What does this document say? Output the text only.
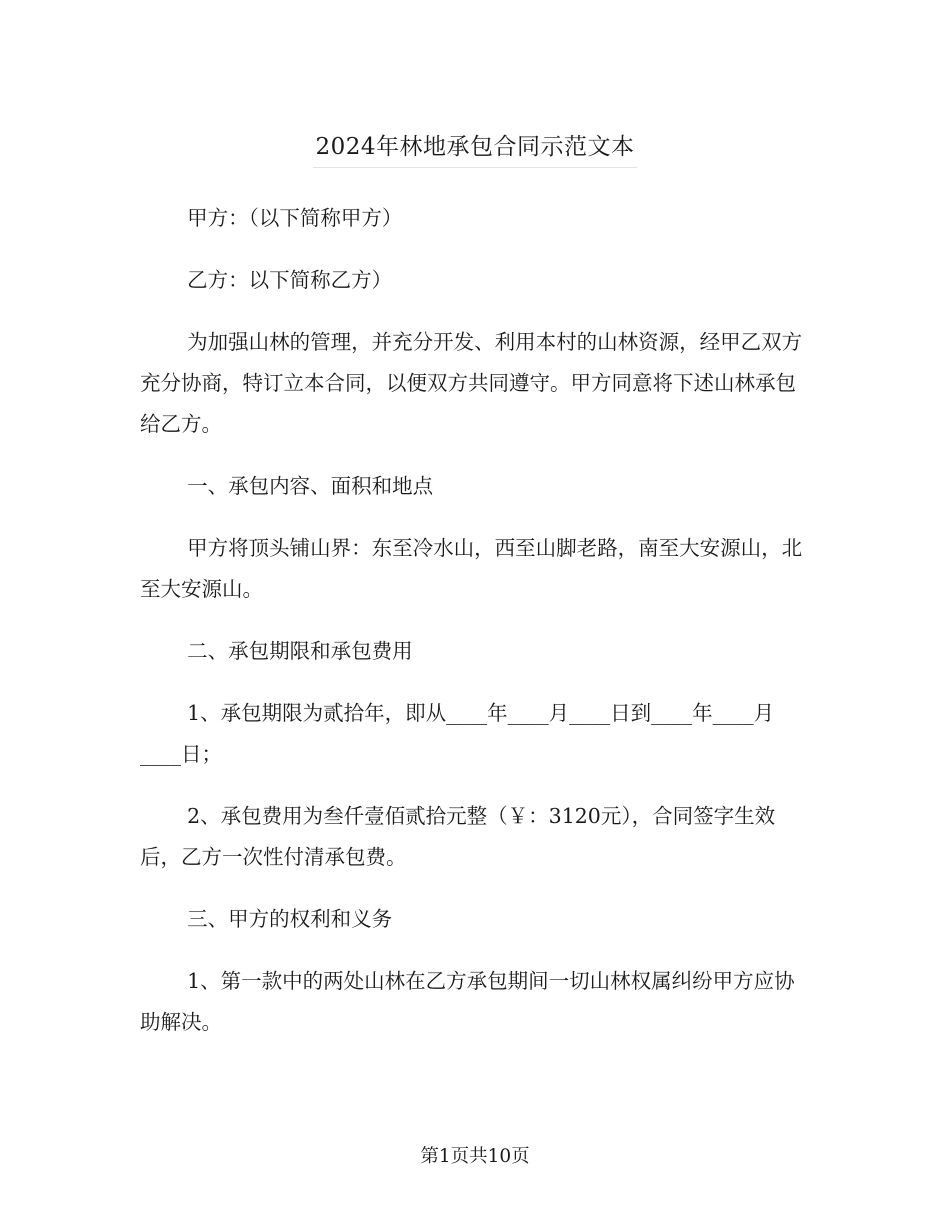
2024年林地承包合同示范文本

甲方：（以下简称甲方）

乙方：以下简称乙方）

为加强山林的管理，并充分开发、利用本村的山林资源，经甲乙双方充分协商，特订立本合同，以便双方共同遵守。甲方同意将下述山林承包给乙方。

一、承包内容、面积和地点

甲方将顶头铺山界：东至冷水山，西至山脚老路，南至大安源山，北至大安源山。

二、承包期限和承包费用

1、承包期限为贰拾年，即从____年____月____日到____年____月____日；

2、承包费用为叁仟壹佰贰拾元整（￥：3120元），合同签字生效后，乙方一次性付清承包费。

三、甲方的权利和义务

1、第一款中的两处山林在乙方承包期间一切山林权属纠纷甲方应协助解决。

第1页共10页
